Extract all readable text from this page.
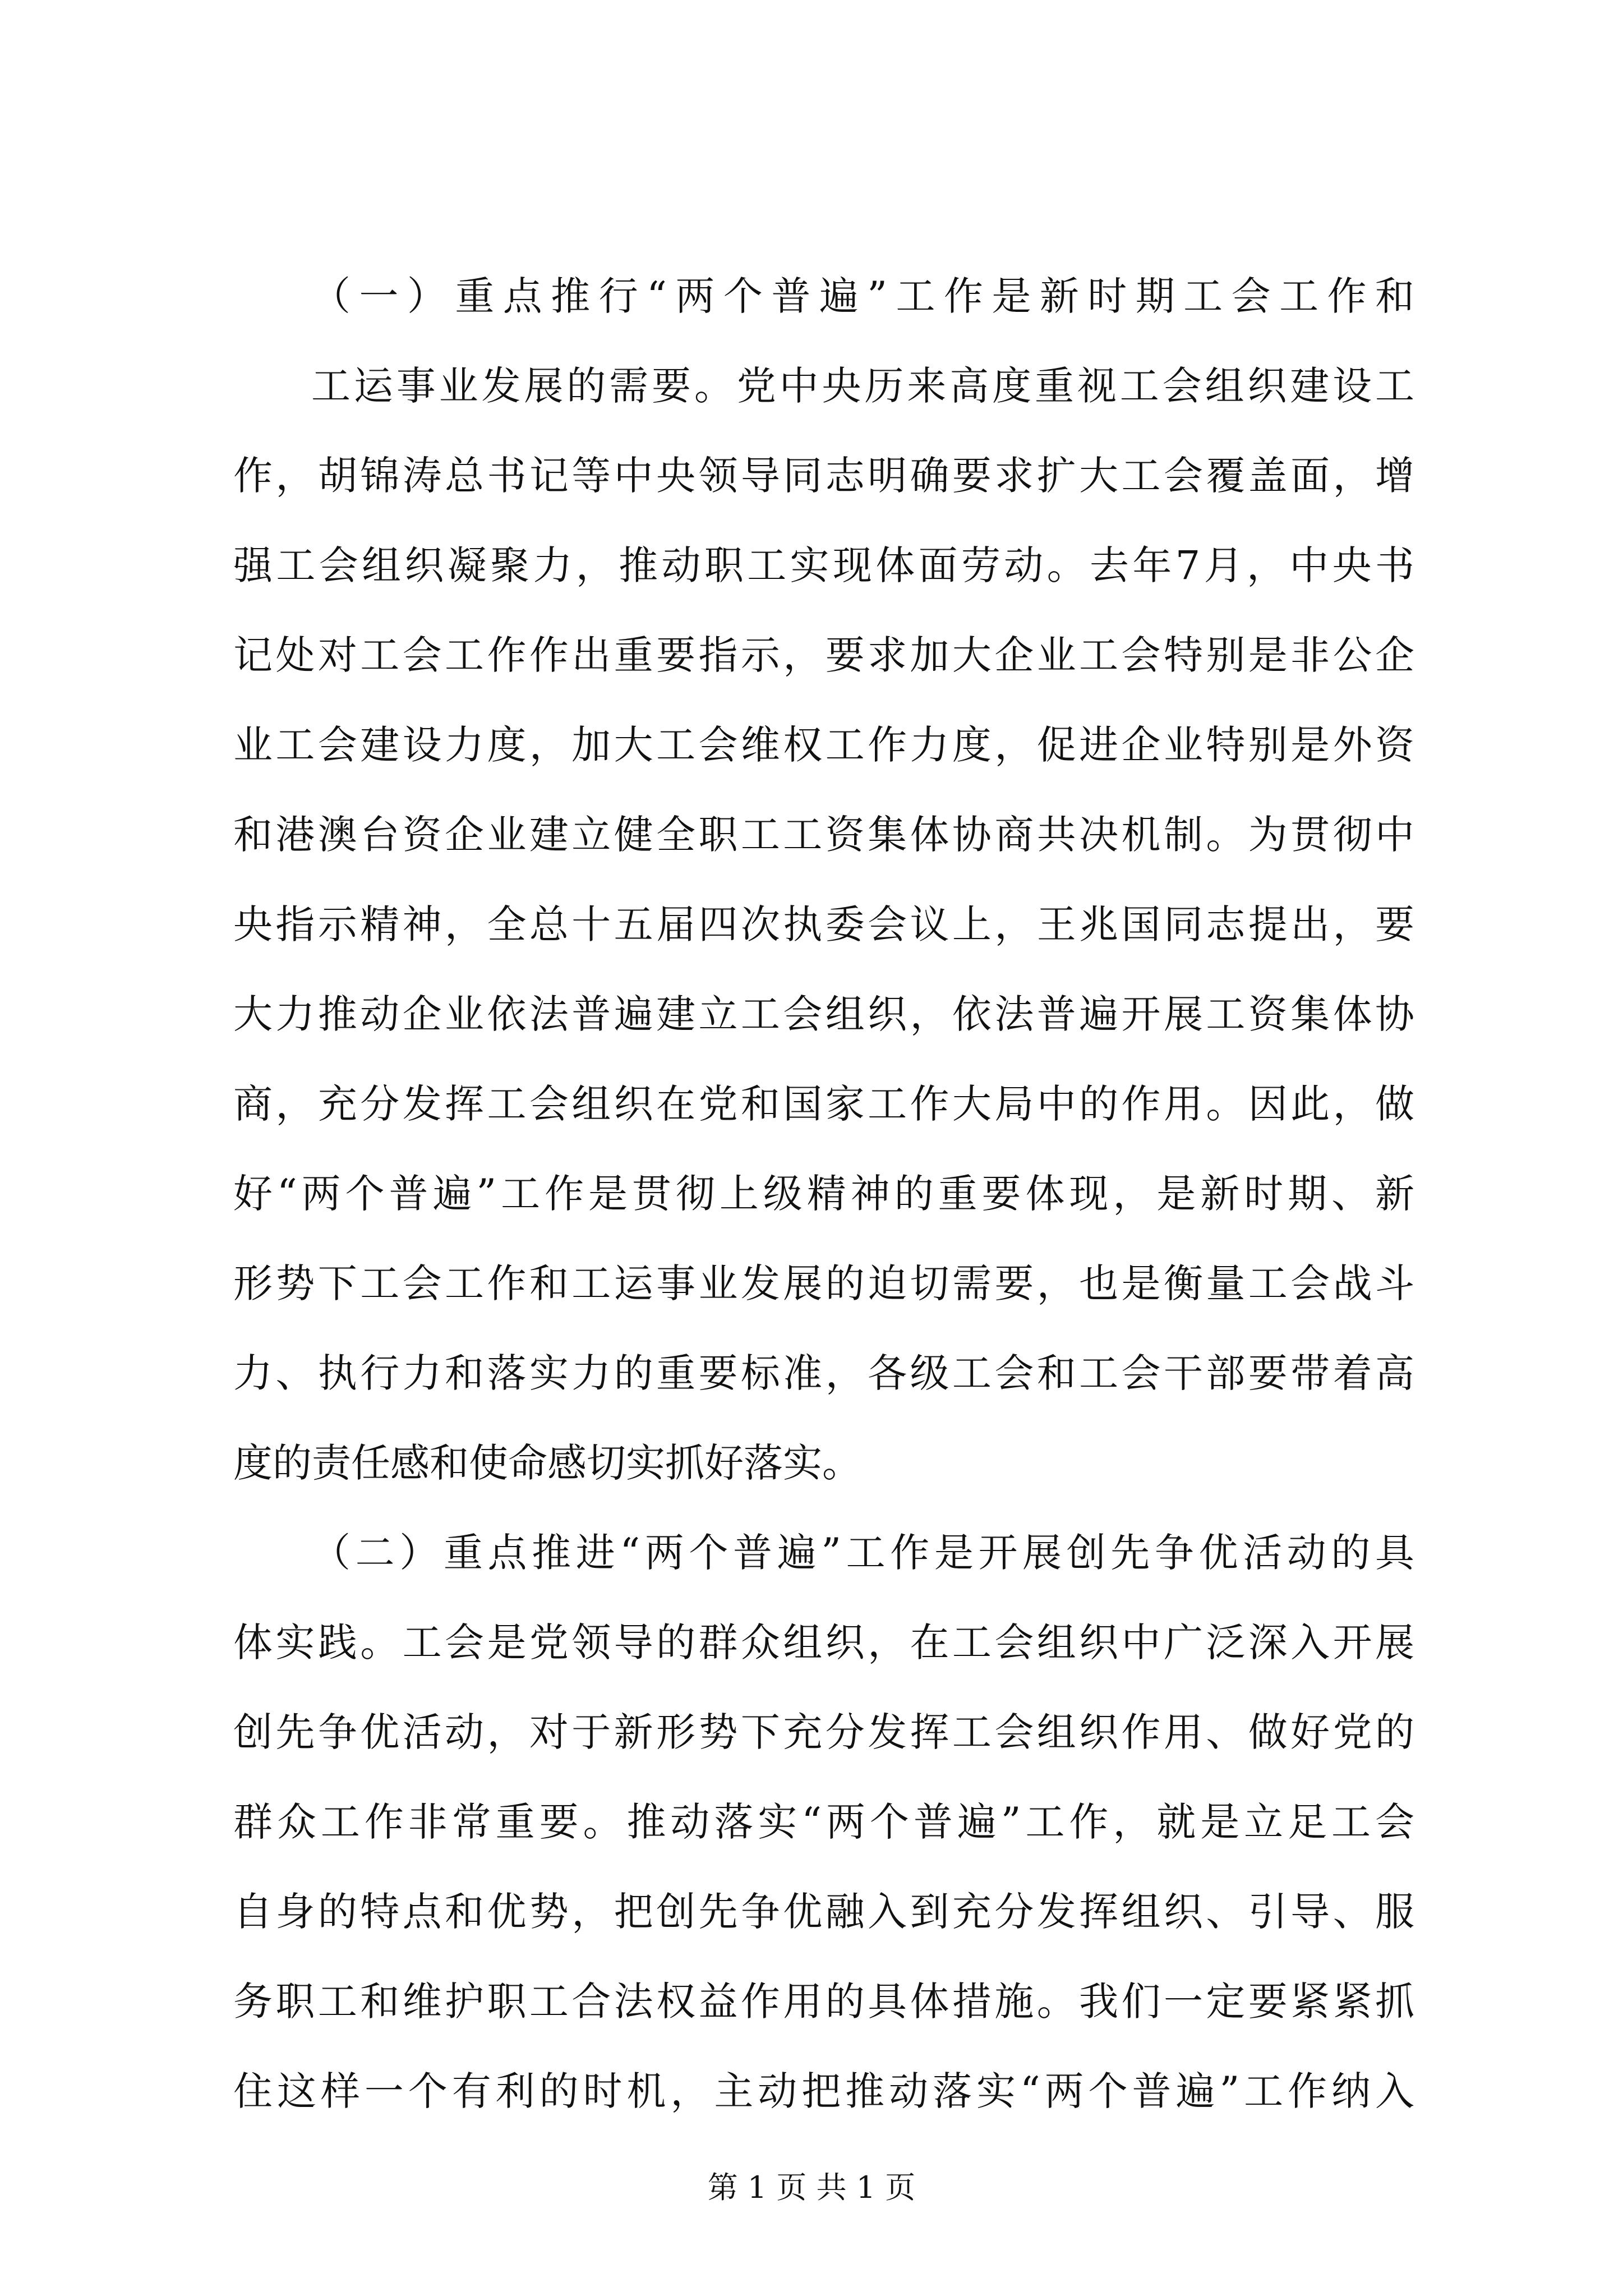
（一）重点推行“两个普遍”工作是新时期工会工作和
工运事业发展的需要。党中央历来高度重视工会组织建设工
作，胡锦涛总书记等中央领导同志明确要求扩大工会覆盖面，增
强工会组织凝聚力，推动职工实现体面劳动。去年7月，中央书
记处对工会工作作出重要指示，要求加大企业工会特别是非公企
业工会建设力度，加大工会维权工作力度，促进企业特别是外资
和港澳台资企业建立健全职工工资集体协商共决机制。为贯彻中
央指示精神，全总十五届四次执委会议上，王兆国同志提出，要
大力推动企业依法普遍建立工会组织，依法普遍开展工资集体协
商，充分发挥工会组织在党和国家工作大局中的作用。因此，做
好“两个普遍”工作是贯彻上级精神的重要体现，是新时期、新
形势下工会工作和工运事业发展的迫切需要，也是衡量工会战斗
力、执行力和落实力的重要标准，各级工会和工会干部要带着高
度的责任感和使命感切实抓好落实。
（二）重点推进“两个普遍”工作是开展创先争优活动的具
体实践。工会是党领导的群众组织，在工会组织中广泛深入开展
创先争优活动，对于新形势下充分发挥工会组织作用、做好党的
群众工作非常重要。推动落实“两个普遍”工作，就是立足工会
自身的特点和优势，把创先争优融入到充分发挥组织、引导、服
务职工和维护职工合法权益作用的具体措施。我们一定要紧紧抓
住这样一个有利的时机，主动把推动落实“两个普遍”工作纳入
第 1 页 共 1 页
